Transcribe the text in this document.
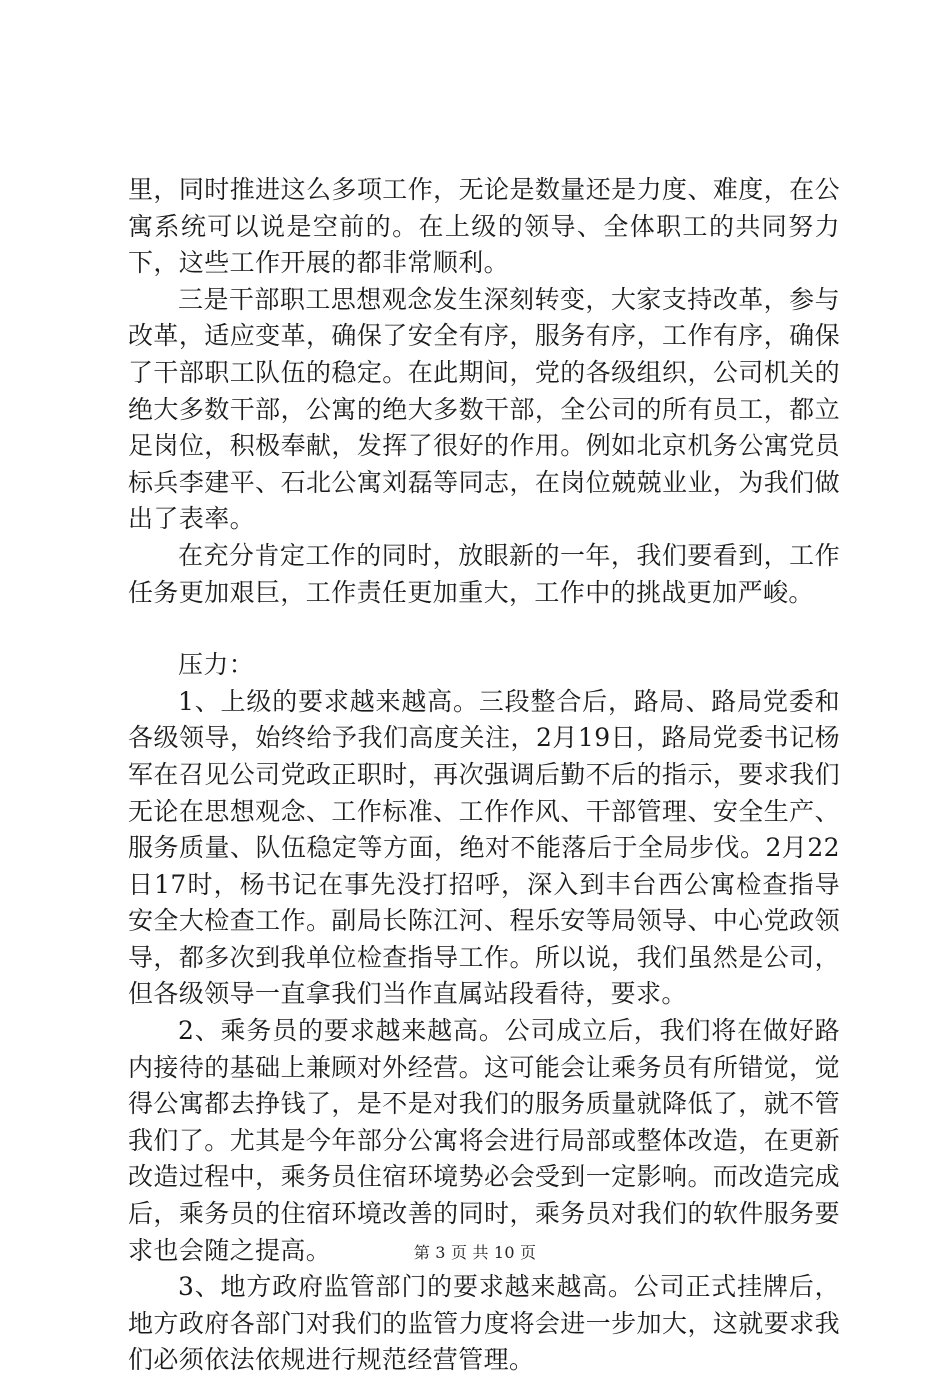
里，同时推进这么多项工作，无论是数量还是力度、难度，在公寓系统可以说是空前的。在上级的领导、全体职工的共同努力下，这些工作开展的都非常顺利。

三是干部职工思想观念发生深刻转变，大家支持改革，参与改革，适应变革，确保了安全有序，服务有序，工作有序，确保了干部职工队伍的稳定。在此期间，党的各级组织，公司机关的绝大多数干部，公寓的绝大多数干部，全公司的所有员工，都立足岗位，积极奉献，发挥了很好的作用。例如北京机务公寓党员标兵李建平、石北公寓刘磊等同志，在岗位兢兢业业，为我们做出了表率。

在充分肯定工作的同时，放眼新的一年，我们要看到，工作任务更加艰巨，工作责任更加重大，工作中的挑战更加严峻。

压力：

1、上级的要求越来越高。三段整合后，路局、路局党委和各级领导，始终给予我们高度关注，2月19日，路局党委书记杨军在召见公司党政正职时，再次强调后勤不后的指示，要求我们无论在思想观念、工作标准、工作作风、干部管理、安全生产、服务质量、队伍稳定等方面，绝对不能落后于全局步伐。2月22日17时，杨书记在事先没打招呼，深入到丰台西公寓检查指导安全大检查工作。副局长陈江河、程乐安等局领导、中心党政领导，都多次到我单位检查指导工作。所以说，我们虽然是公司，但各级领导一直拿我们当作直属站段看待，要求。

2、乘务员的要求越来越高。公司成立后，我们将在做好路内接待的基础上兼顾对外经营。这可能会让乘务员有所错觉，觉得公寓都去挣钱了，是不是对我们的服务质量就降低了，就不管我们了。尤其是今年部分公寓将会进行局部或整体改造，在更新改造过程中，乘务员住宿环境势必会受到一定影响。而改造完成后，乘务员的住宿环境改善的同时，乘务员对我们的软件服务要求也会随之提高。

3、地方政府监管部门的要求越来越高。公司正式挂牌后，地方政府各部门对我们的监管力度将会进一步加大，这就要求我们必须依法依规进行规范经营管理。

第 3 页 共 10 页
